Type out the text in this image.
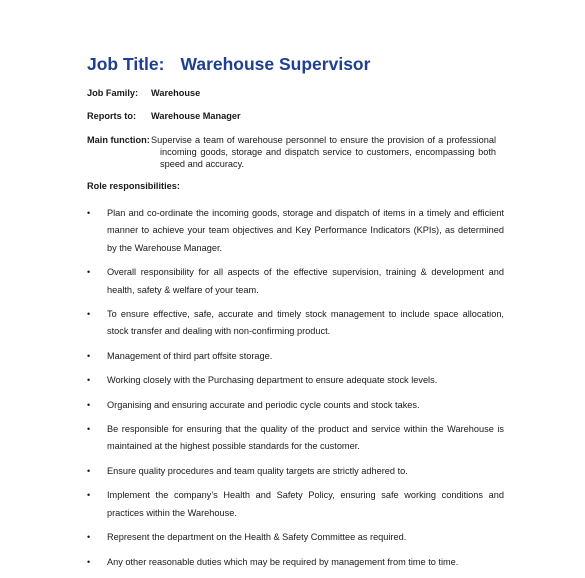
Job Title: Warehouse Supervisor
Job Family: Warehouse
Reports to: Warehouse Manager
Main function: Supervise a team of warehouse personnel to ensure the provision of a professional incoming goods, storage and dispatch service to customers, encompassing both speed and accuracy.
Role responsibilities:
• Plan and co-ordinate the incoming goods, storage and dispatch of items in a timely and efficient manner to achieve your team objectives and Key Performance Indicators (KPIs), as determined by the Warehouse Manager.
• Overall responsibility for all aspects of the effective supervision, training & development and health, safety & welfare of your team.
• To ensure effective, safe, accurate and timely stock management to include space allocation, stock transfer and dealing with non-confirming product.
• Management of third part offsite storage.
• Working closely with the Purchasing department to ensure adequate stock levels.
• Organising and ensuring accurate and periodic cycle counts and stock takes.
• Be responsible for ensuring that the quality of the product and service within the Warehouse is maintained at the highest possible standards for the customer.
• Ensure quality procedures and team quality targets are strictly adhered to.
• Implement the company’s Health and Safety Policy, ensuring safe working conditions and practices within the Warehouse.
• Represent the department on the Health & Safety Committee as required.
• Any other reasonable duties which may be required by management from time to time.
